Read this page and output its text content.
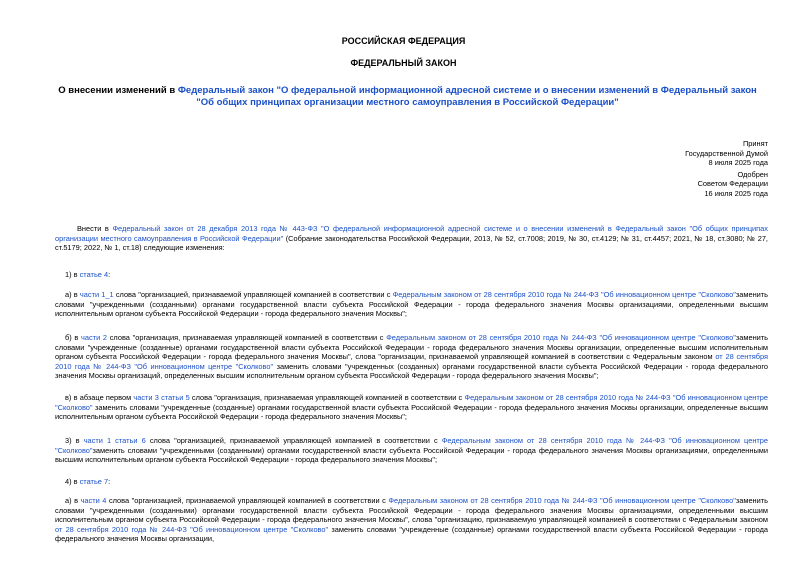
РОССИЙСКАЯ ФЕДЕРАЦИЯ
ФЕДЕРАЛЬНЫЙ ЗАКОН
О внесении изменений в Федеральный закон "О федеральной информационной адресной системе и о внесении изменений в Федеральный закон "Об общих принципах организации местного самоуправления в Российской Федерации"
Принят
Государственной Думой
8 июля 2025 года
Одобрен
Советом Федерации
16 июля 2025 года

Внести в Федеральный закон от 28 декабря 2013 года № 443-ФЗ "О федеральной информационной адресной системе и о внесении изменений в Федеральный закон "Об общих принципах организации местного самоуправления в Российской Федерации" (Собрание законодательства Российской Федерации, 2013, № 52, ст.7008; 2019, № 30, ст.4129; № 31, ст.4457; 2021, № 18, ст.3080; № 27, ст.5179; 2022, № 1, ст.18) следующие изменения:

1) в статье 4:

а) в части 1_1 слова "организацией, признаваемой управляющей компанией в соответствии с Федеральным законом от 28 сентября 2010 года № 244-ФЗ "Об инновационном центре "Сколково"заменить словами "учрежденными (созданными) органами государственной власти субъекта Российской Федерации - города федерального значения Москвы организациями, определенными высшим исполнительным органом субъекта Российской Федерации - города федерального значения Москвы";

б) в части 2 слова "организация, признаваемая управляющей компанией в соответствии с Федеральным законом от 28 сентября 2010 года № 244-ФЗ "Об инновационном центре "Сколково"заменить словами "учрежденные (созданные) органами государственной власти субъекта Российской Федерации - города федерального значения Москвы организации, определенные высшим исполнительным органом субъекта Российской Федерации - города федерального значения Москвы", слова "организации, признаваемой управляющей компанией в соответствии с Федеральным законом от 28 сентября 2010 года № 244-ФЗ "Об инновационном центре "Сколково" заменить словами "учрежденных (созданных) органами государственной власти субъекта Российской Федерации - города федерального значения Москвы организаций, определенных высшим исполнительным органом субъекта Российской Федерации - города федерального значения Москвы";

в) в абзаце первом части 3 статьи 5 слова "организация, признаваемая управляющей компанией в соответствии с Федеральным законом от 28 сентября 2010 года № 244-ФЗ "Об инновационном центре "Сколково" заменить словами "учрежденные (созданные) органами государственной власти субъекта Российской Федерации - города федерального значения Москвы организации, определенные высшим исполнительным органом субъекта Российской Федерации - города федерального значения Москвы";

3) в части 1 статьи 6 слова "организацией, признаваемой управляющей компанией в соответствии с Федеральным законом от 28 сентября 2010 года № 244-ФЗ "Об инновационном центре "Сколково"заменить словами "учрежденными (созданными) органами государственной власти субъекта Российской Федерации - города федерального значения Москвы организациями, определенными высшим исполнительным органом субъекта Российской Федерации - города федерального значения Москвы";

4) в статье 7:

а) в части 4 слова "организацией, признаваемой управляющей компанией в соответствии с Федеральным законом от 28 сентября 2010 года № 244-ФЗ "Об инновационном центре "Сколково"заменить словами "учрежденными (созданными) органами государственной власти субъекта Российской Федерации - города федерального значения Москвы организациями, определенными высшим исполнительным органом субъекта Российской Федерации - города федерального значения Москвы", слова "организацию, признаваемую управляющей компанией в соответствии с Федеральным законом от 28 сентября 2010 года № 244-ФЗ "Об инновационном центре "Сколково" заменить словами "учрежденные (созданные) органами государственной власти субъекта Российской Федерации - города федерального значения Москвы организации,
